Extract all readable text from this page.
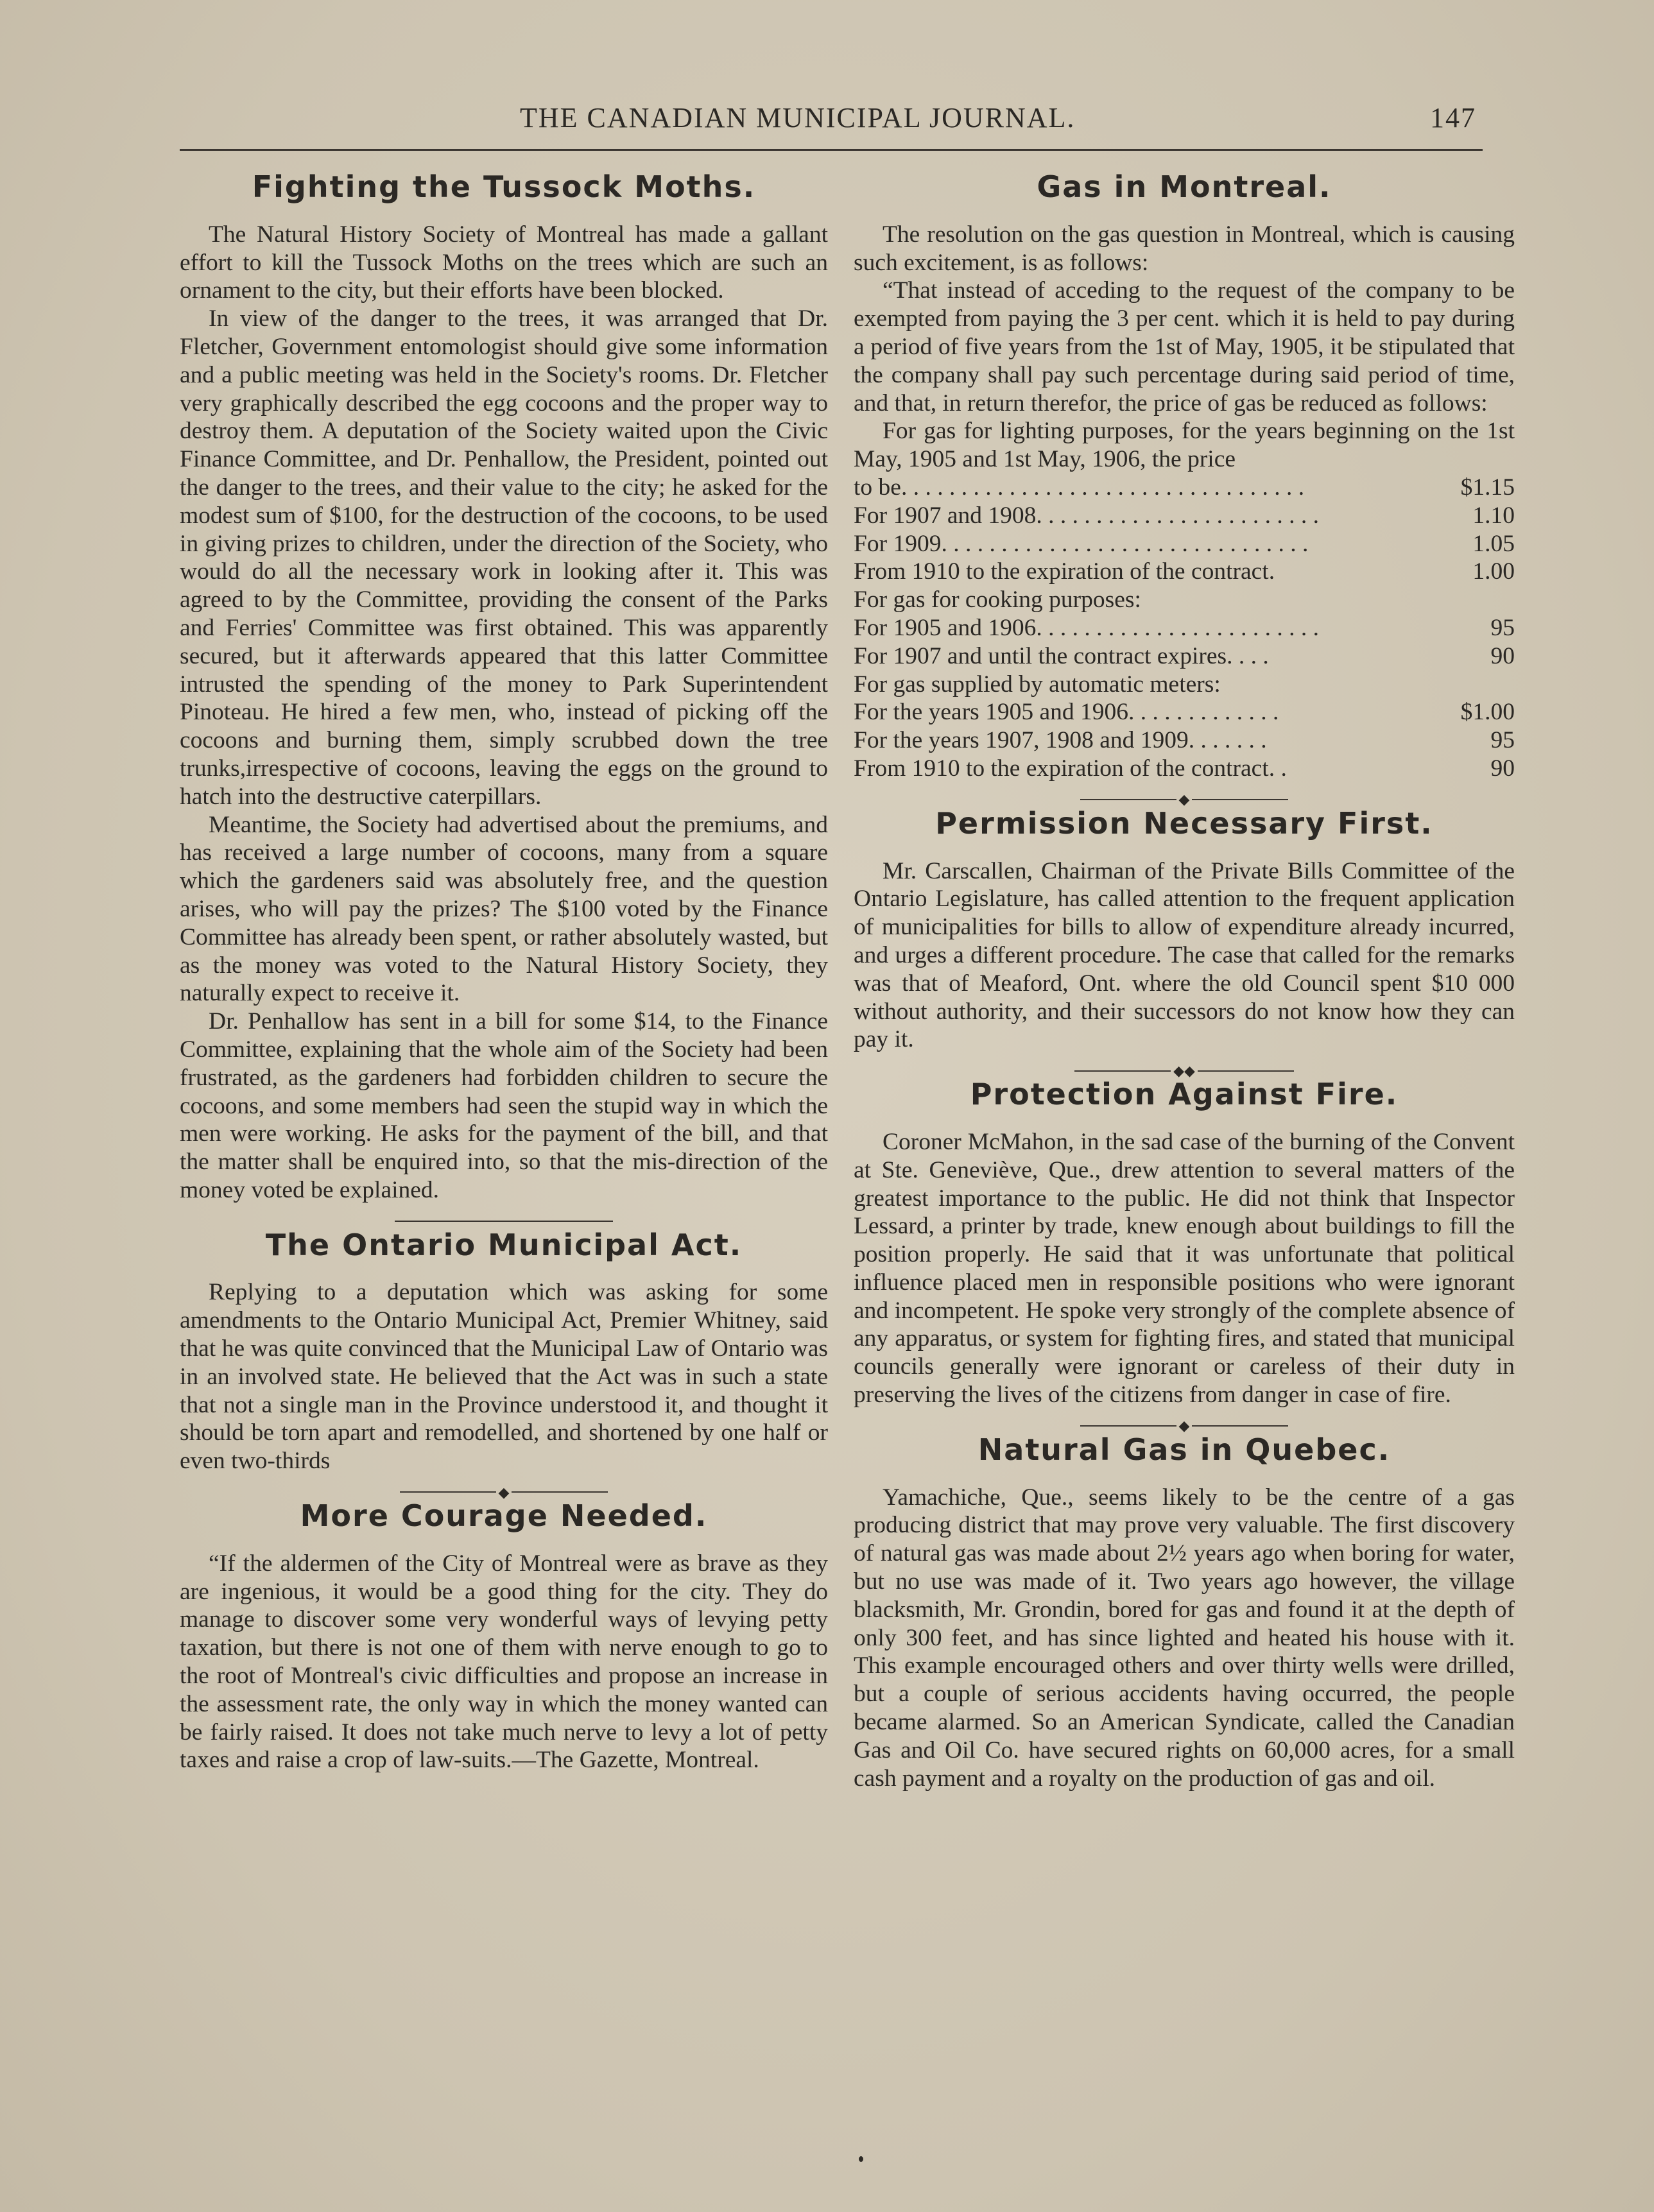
THE CANADIAN MUNICIPAL JOURNAL.	147
Fighting the Tussock Moths.

The Natural History Society of Montreal has made a gallant effort to kill the Tussock Moths on the trees which are such an ornament to the city, but their efforts have been blocked.

In view of the danger to the trees, it was arranged that Dr. Fletcher, Government entomologist should give some information and a public meeting was held in the Society's rooms. Dr. Fletcher very graphically described the egg cocoons and the proper way to destroy them. A deputation of the Society waited upon the Civic Finance Committee, and Dr. Penhallow, the President, pointed out the danger to the trees, and their value to the city; he asked for the modest sum of $100, for the destruction of the cocoons, to be used in giving prizes to children, under the direction of the Society, who would do all the necessary work in looking after it. This was agreed to by the Committee, providing the consent of the Parks and Ferries' Committee was first obtained. This was apparently secured, but it afterwards appeared that this latter Committee intrusted the spending of the money to Park Superintendent Pinoteau. He hired a few men, who, instead of picking off the cocoons and burning them, simply scrubbed down the tree trunks,irrespective of cocoons, leaving the eggs on the ground to hatch into the destructive caterpillars.

Meantime, the Society had advertised about the premiums, and has received a large number of cocoons, many from a square which the gardeners said was absolutely free, and the question arises, who will pay the prizes? The $100 voted by the Finance Committee has already been spent, or rather absolutely wasted, but as the money was voted to the Natural History Society, they naturally expect to receive it.

Dr. Penhallow has sent in a bill for some $14, to the Finance Committee, explaining that the whole aim of the Society had been frustrated, as the gardeners had forbidden children to secure the cocoons, and some members had seen the stupid way in which the men were working. He asks for the payment of the bill, and that the matter shall be enquired into, so that the mis-direction of the money voted be explained.

The Ontario Municipal Act.

Replying to a deputation which was asking for some amendments to the Ontario Municipal Act, Premier Whitney, said that he was quite convinced that the Municipal Law of Ontario was in an involved state. He believed that the Act was in such a state that not a single man in the Province understood it, and thought it should be torn apart and remodelled, and shortened by one half or even two-thirds

◆
More Courage Needed.

“If the aldermen of the City of Montreal were as brave as they are ingenious, it would be a good thing for the city. They do manage to discover some very wonderful ways of levying petty taxation, but there is not one of them with nerve enough to go to the root of Montreal's civic difficulties and propose an increase in the assessment rate, the only way in which the money wanted can be fairly raised. It does not take much nerve to levy a lot of petty taxes and raise a crop of law-suits.—The Gazette, Montreal.

Gas in Montreal.

The resolution on the gas question in Montreal, which is causing such excitement, is as follows:

“That instead of acceding to the request of the company to be exempted from paying the 3 per cent. which it is held to pay during a period of five years from the 1st of May, 1905, it be stipulated that the company shall pay such percentage during said period of time, and that, in return therefor, the price of gas be reduced as follows:

For gas for lighting purposes, for the years beginning on the 1st May, 1905 and 1st May, 1906, the price

to be. . . . . . . . . . . . . . . . . . . . . . . . . . . . . . . . . .	$1.15
For 1907 and 1908. . . . . . . . . . . . . . . . . . . . . . . .	1.10
For 1909. . . . . . . . . . . . . . . . . . . . . . . . . . . . . . .	1.05
From 1910 to the expiration of the contract.	1.00
For gas for cooking purposes:
For 1905 and 1906. . . . . . . . . . . . . . . . . . . . . . . .	95
For 1907 and until the contract expires. . . .	90
For gas supplied by automatic meters:
For the years 1905 and 1906. . . . . . . . . . . . .	$1.00
For the years 1907, 1908 and 1909. . . . . . .	95
From 1910 to the expiration of the contract. .	90
◆
Permission Necessary First.

Mr. Carscallen, Chairman of the Private Bills Committee of the Ontario Legislature, has called attention to the frequent application of municipalities for bills to allow of expenditure already incurred, and urges a different procedure. The case that called for the remarks was that of Meaford, Ont. where the old Council spent $10 000 without authority, and their successors do not know how they can pay it.

◆◆
Protection Against Fire.

Coroner McMahon, in the sad case of the burning of the Convent at Ste. Geneviève, Que., drew attention to several matters of the greatest importance to the public. He did not think that Inspector Lessard, a printer by trade, knew enough about buildings to fill the position properly. He said that it was unfortunate that political influence placed men in responsible positions who were ignorant and incompetent. He spoke very strongly of the complete absence of any apparatus, or system for fighting fires, and stated that municipal councils generally were ignorant or careless of their duty in preserving the lives of the citizens from danger in case of fire.

◆
Natural Gas in Quebec.

Yamachiche, Que., seems likely to be the centre of a gas producing district that may prove very valuable. The first discovery of natural gas was made about 2½ years ago when boring for water, but no use was made of it. Two years ago however, the village blacksmith, Mr. Grondin, bored for gas and found it at the depth of only 300 feet, and has since lighted and heated his house with it. This example encouraged others and over thirty wells were drilled, but a couple of serious accidents having occurred, the people became alarmed. So an American Syndicate, called the Canadian Gas and Oil Co. have secured rights on 60,000 acres, for a small cash payment and a royalty on the production of gas and oil.
